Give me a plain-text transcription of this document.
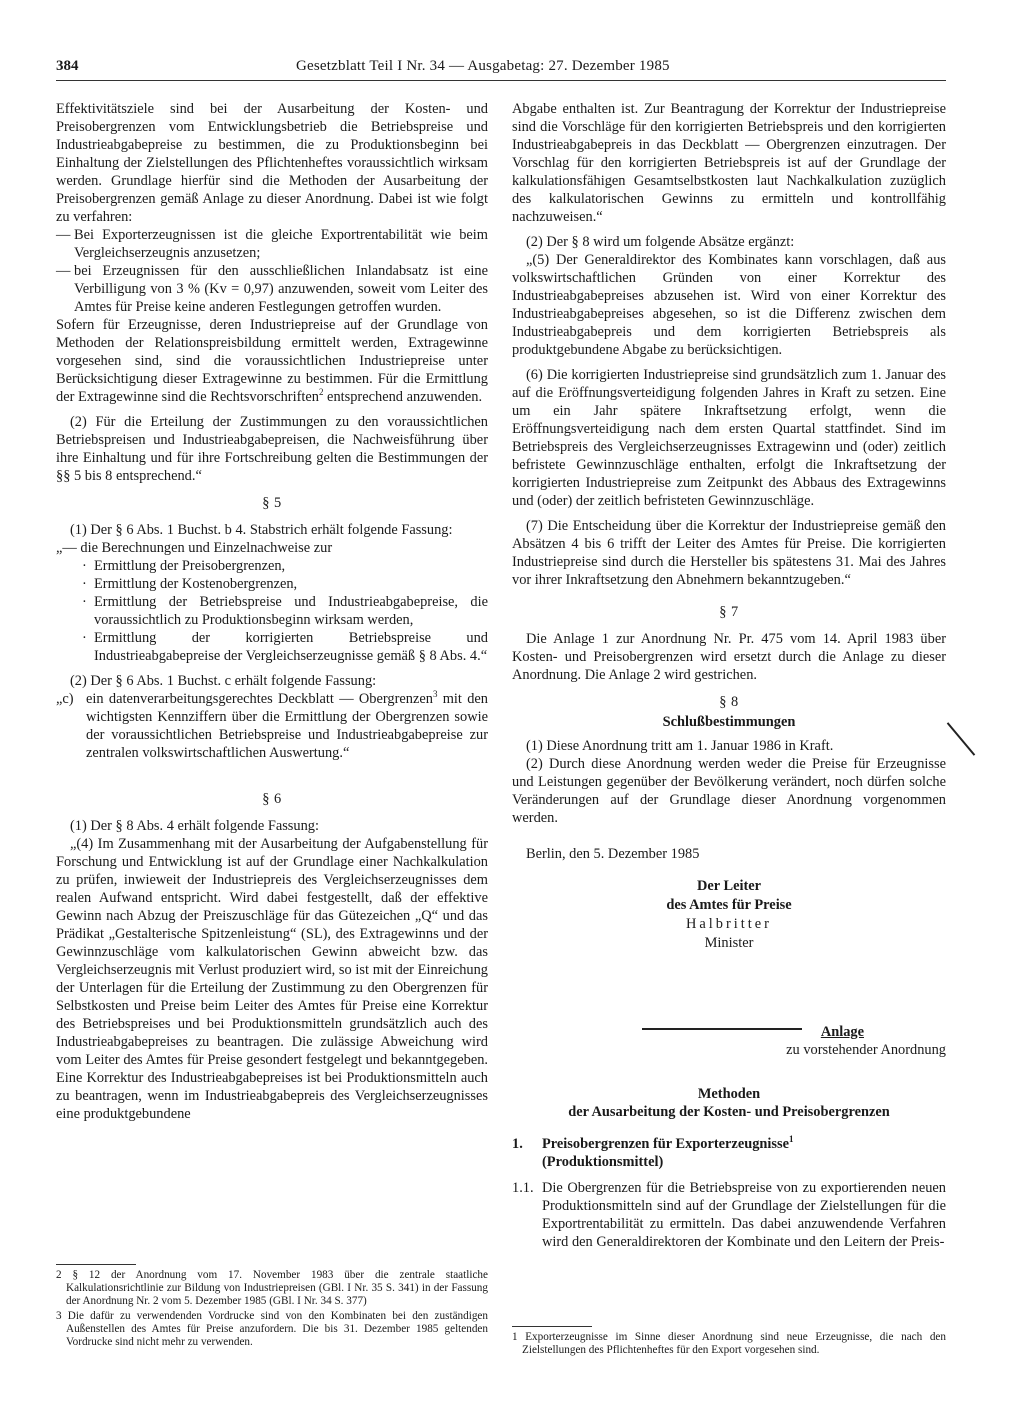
384	Gesetzblatt Teil I Nr. 34 — Ausgabetag: 27. Dezember 1985

Effektivitätsziele sind bei der Ausarbeitung der Kosten- und Preisobergrenzen vom Entwicklungsbetrieb die Betriebspreise und Industrieabgabepreise zu bestimmen, die zu Produktionsbeginn bei Einhaltung der Zielstellungen des Pflichtenheftes voraussichtlich wirksam werden. Grundlage hierfür sind die Methoden der Ausarbeitung der Preisobergrenzen gemäß Anlage zu dieser Anordnung. Dabei ist wie folgt zu verfahren:

— Bei Exporterzeugnissen ist die gleiche Exportrentabilität wie beim Vergleichserzeugnis anzusetzen;
— bei Erzeugnissen für den ausschließlichen Inlandabsatz ist eine Verbilligung von 3 % (Kv = 0,97) anzuwenden, soweit vom Leiter des Amtes für Preise keine anderen Festlegungen getroffen wurden.

Sofern für Erzeugnisse, deren Industriepreise auf der Grundlage von Methoden der Relationspreisbildung ermittelt werden, Extragewinne vorgesehen sind, sind die voraussichtlichen Industriepreise unter Berücksichtigung dieser Extragewinne zu bestimmen. Für die Ermittlung der Extragewinne sind die Rechtsvorschriften$^2$ entsprechend anzuwenden.

(2) Für die Erteilung der Zustimmungen zu den voraussichtlichen Betriebspreisen und Industrieabgabepreisen, die Nachweisführung über ihre Einhaltung und für ihre Fortschreibung gelten die Bestimmungen der §§ 5 bis 8 entsprechend.“

§ 5

(1) Der § 6 Abs. 1 Buchst. b 4. Stabstrich erhält folgende Fassung:

„— die Berechnungen und Einzelnachweise zur

· Ermittlung der Preisobergrenzen,
· Ermittlung der Kostenobergrenzen,
· Ermittlung der Betriebspreise und Industrieabgabepreise, die voraussichtlich zu Produktionsbeginn wirksam werden,
· Ermittlung der korrigierten Betriebspreise und Industrieabgabepreise der Vergleichserzeugnisse gemäß § 8 Abs. 4.“

(2) Der § 6 Abs. 1 Buchst. c erhält folgende Fassung:

„c) ein datenverarbeitungsgerechtes Deckblatt — Obergrenzen$^3$ mit den wichtigsten Kennziffern über die Ermittlung der Obergrenzen sowie der voraussichtlichen Betriebspreise und Industrieabgabepreise zur zentralen volkswirtschaftlichen Auswertung.“
§ 6

(1) Der § 8 Abs. 4 erhält folgende Fassung:

„(4) Im Zusammenhang mit der Ausarbeitung der Aufgabenstellung für Forschung und Entwicklung ist auf der Grundlage einer Nachkalkulation zu prüfen, inwieweit der Industriepreis des Vergleichserzeugnisses dem realen Aufwand entspricht. Wird dabei festgestellt, daß der effektive Gewinn nach Abzug der Preiszuschläge für das Gütezeichen „Q“ und das Prädikat „Gestalterische Spitzenleistung“ (SL), des Extragewinns und der Gewinnzuschläge vom kalkulatorischen Gewinn abweicht bzw. das Vergleichserzeugnis mit Verlust produziert wird, so ist mit der Einreichung der Unterlagen für die Erteilung der Zustimmung zu den Obergrenzen für Selbstkosten und Preise beim Leiter des Amtes für Preise eine Korrektur des Betriebspreises und bei Produktionsmitteln grundsätzlich auch des Industrieabgabepreises zu beantragen. Die zulässige Abweichung wird vom Leiter des Amtes für Preise gesondert festgelegt und bekanntgegeben. Eine Korrektur des Industrieabgabepreises ist bei Produktionsmitteln auch zu beantragen, wenn im Industrieabgabepreis des Vergleichserzeugnisses eine produktgebundene

2 § 12 der Anordnung vom 17. November 1983 über die zentrale staatliche Kalkulationsrichtlinie zur Bildung von Industriepreisen (GBl. I Nr. 35 S. 341) in der Fassung der Anordnung Nr. 2 vom 5. Dezember 1985 (GBl. I Nr. 34 S. 377)

3 Die dafür zu verwendenden Vordrucke sind von den Kombinaten bei den zuständigen Außenstellen des Amtes für Preise anzufordern. Die bis 31. Dezember 1985 geltenden Vordrucke sind nicht mehr zu verwenden.

Abgabe enthalten ist. Zur Beantragung der Korrektur der Industriepreise sind die Vorschläge für den korrigierten Betriebspreis und den korrigierten Industrieabgabepreis in das Deckblatt — Obergrenzen einzutragen. Der Vorschlag für den korrigierten Betriebspreis ist auf der Grundlage der kalkulationsfähigen Gesamtselbstkosten laut Nachkalkulation zuzüglich des kalkulatorischen Gewinns zu ermitteln und kontrollfähig nachzuweisen.“

(2) Der § 8 wird um folgende Absätze ergänzt:

„(5) Der Generaldirektor des Kombinates kann vorschlagen, daß aus volkswirtschaftlichen Gründen von einer Korrektur des Industrieabgabepreises abzusehen ist. Wird von einer Korrektur des Industrieabgabepreises abgesehen, so ist die Differenz zwischen dem Industrieabgabepreis und dem korrigierten Betriebspreis als produktgebundene Abgabe zu berücksichtigen.

(6) Die korrigierten Industriepreise sind grundsätzlich zum 1. Januar des auf die Eröffnungsverteidigung folgenden Jahres in Kraft zu setzen. Eine um ein Jahr spätere Inkraftsetzung erfolgt, wenn die Eröffnungsverteidigung nach dem ersten Quartal stattfindet. Sind im Betriebspreis des Vergleichserzeugnisses Extragewinn und (oder) zeitlich befristete Gewinnzuschläge enthalten, erfolgt die Inkraftsetzung der korrigierten Industriepreise zum Zeitpunkt des Abbaus des Extragewinns und (oder) der zeitlich befristeten Gewinnzuschläge.

(7) Die Entscheidung über die Korrektur der Industriepreise gemäß den Absätzen 4 bis 6 trifft der Leiter des Amtes für Preise. Die korrigierten Industriepreise sind durch die Hersteller bis spätestens 31. Mai des Jahres vor ihrer Inkraftsetzung den Abnehmern bekanntzugeben.“

§ 7

Die Anlage 1 zur Anordnung Nr. Pr. 475 vom 14. April 1983 über Kosten- und Preisobergrenzen wird ersetzt durch die Anlage zu dieser Anordnung. Die Anlage 2 wird gestrichen.

§ 8
Schlußbestimmungen

(1) Diese Anordnung tritt am 1. Januar 1986 in Kraft.

(2) Durch diese Anordnung werden weder die Preise für Erzeugnisse und Leistungen gegenüber der Bevölkerung verändert, noch dürfen solche Veränderungen auf der Grundlage dieser Anordnung vorgenommen werden.

Berlin, den 5. Dezember 1985

Der Leiter
des Amtes für Preise
Halbritter
Minister
Anlage
zu vorstehender Anordnung
Methoden
der Ausarbeitung der Kosten- und Preisobergrenzen
1. Preisobergrenzen für Exporterzeugnisse$^1$
(Produktionsmittel)
1.1. Die Obergrenzen für die Betriebspreise von zu exportierenden neuen Produktionsmitteln sind auf der Grundlage der Zielstellungen für die Exportrentabilität zu ermitteln. Das dabei anzuwendende Verfahren wird den Generaldirektoren der Kombinate und den Leitern der Preis-

1 Exporterzeugnisse im Sinne dieser Anordnung sind neue Erzeugnisse, die nach den Zielstellungen des Pflichtenheftes für den Export vorgesehen sind.
